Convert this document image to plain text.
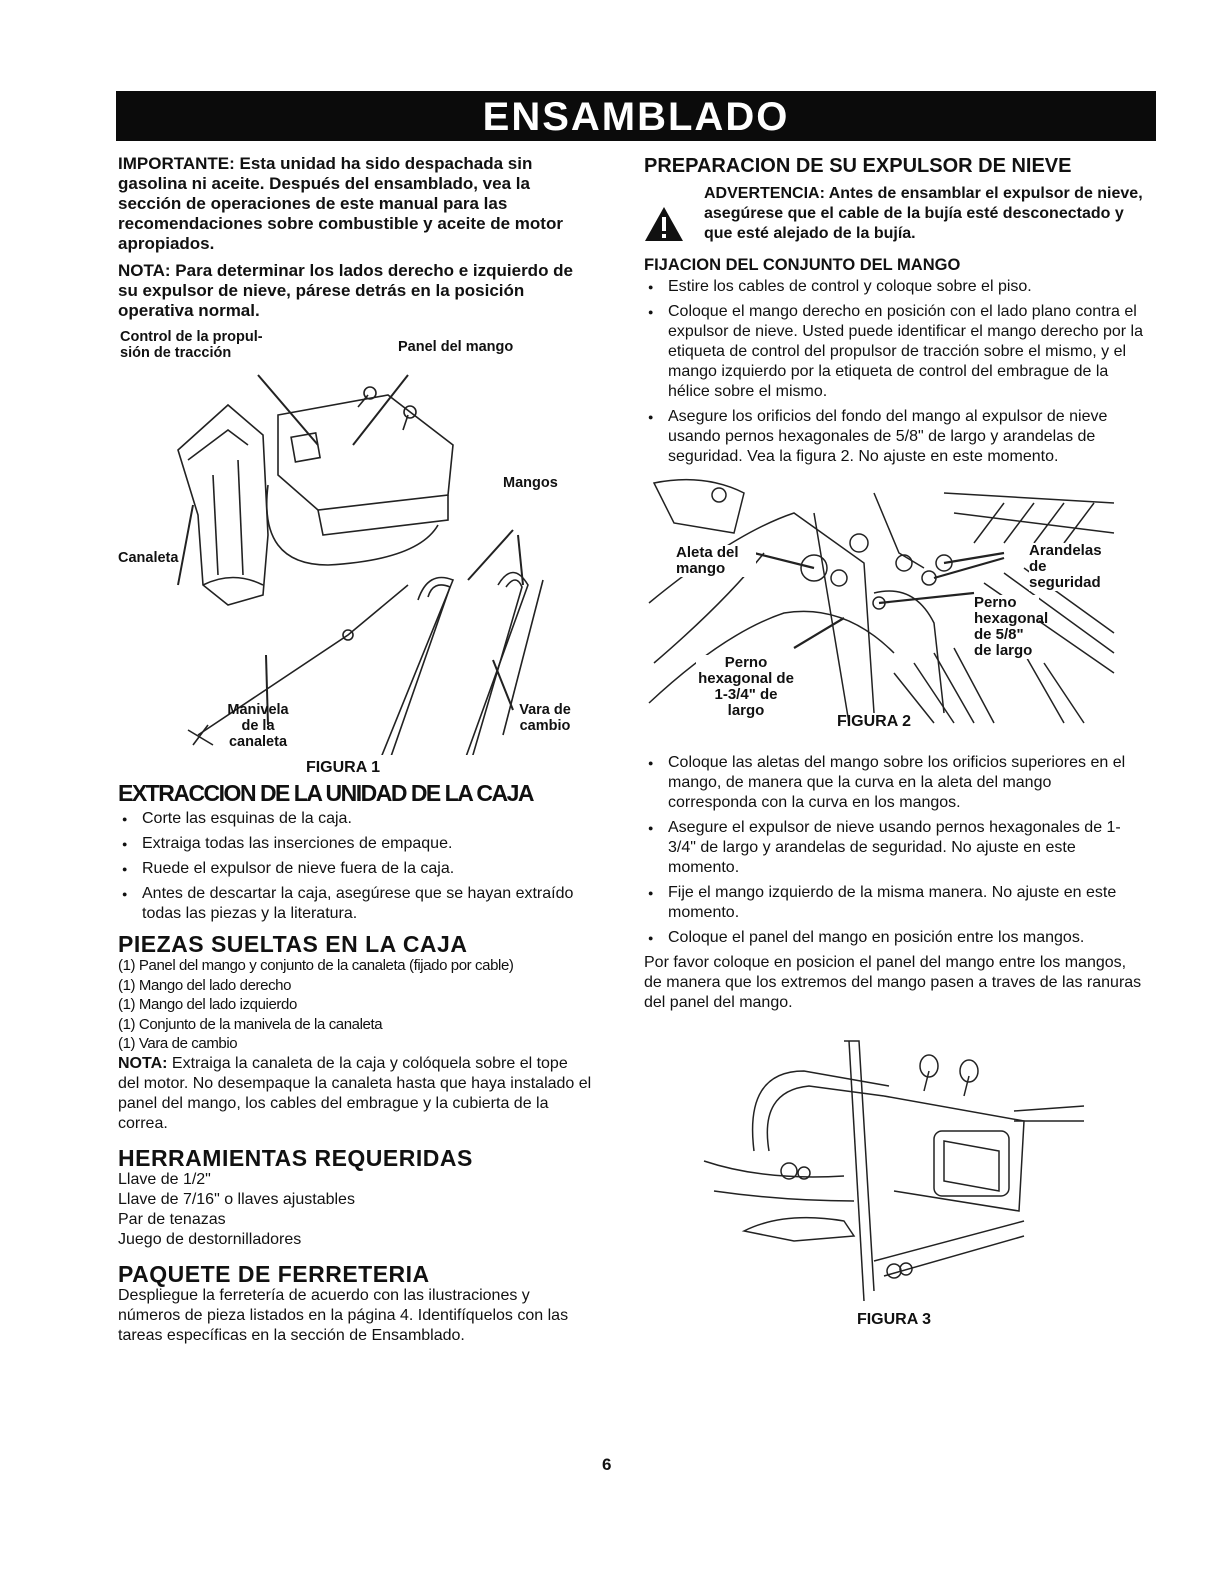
ENSAMBLADO

IMPORTANTE: Esta unidad ha sido despachada sin gasolina ni aceite. Después del ensamblado, vea la sección de operaciones de este manual para las recomendaciones sobre combustible y aceite de motor apropiados.

NOTA: Para determinar los lados derecho e izquierdo de su expulsor de nieve, párese detrás en la posición operativa normal.

Control de la propul- sión de tracción	Panel del mango
Mangos
Canaleta
Manivela de la canaleta
Vara de cambio
FIGURA 1
EXTRACCION DE LA UNIDAD DE LA CAJA
● Corte las esquinas de la caja.
● Extraiga todas las inserciones de empaque.
● Ruede el expulsor de nieve fuera de la caja.
● Antes de descartar la caja, asegúrese que se hayan extraído todas las piezas y la literatura.
PIEZAS SUELTAS EN LA CAJA
(1) Panel del mango y conjunto de la canaleta (fijado por cable)
(1) Mango del lado derecho
(1) Mango del lado izquierdo
(1) Conjunto de la manivela de la canaleta
(1) Vara de cambio

NOTA: Extraiga la canaleta de la caja y colóquela sobre el tope del motor. No desempaque la canaleta hasta que haya instalado el panel del mango, los cables del embrague y la cubierta de la correa.

HERRAMIENTAS REQUERIDAS
Llave de 1/2"
Llave de 7/16" o llaves ajustables
Par de tenazas
Juego de destornilladores
PAQUETE DE FERRETERIA

Despliegue la ferretería de acuerdo con las ilustraciones y números de pieza listados en la página 4. Identifíquelos con las tareas específicas en la sección de Ensamblado.

PREPARACION DE SU EXPULSOR DE NIEVE
ADVERTENCIA: Antes de ensamblar el expulsor de nieve, asegúrese que el cable de la bujía esté desconectado y que esté alejado de la bujía.
FIJACION DEL CONJUNTO DEL MANGO
● Estire los cables de control y coloque sobre el piso.
● Coloque el mango derecho en posición con el lado plano contra el expulsor de nieve. Usted puede identificar el mango derecho por la etiqueta de control del propulsor de tracción sobre el mismo, y el mango izquierdo por la etiqueta de control del embrague de la hélice sobre el mismo.
● Asegure los orificios del fondo del mango al expulsor de nieve usando pernos hexagonales de 5/8" de largo y arandelas de seguridad. Vea la figura 2. No ajuste en este momento.
Aleta del mango
Arandelas de seguridad
Perno hexagonal de 5/8" de largo
Perno hexagonal de 1-3/4" de largo
FIGURA 2
● Coloque las aletas del mango sobre los orificios superiores en el mango, de manera que la curva en la aleta del mango corresponda con la curva en los mangos.
● Asegure el expulsor de nieve usando pernos hexagonales de 1-3/4" de largo y arandelas de seguridad. No ajuste en este momento.
● Fije el mango izquierdo de la misma manera. No ajuste en este momento.
● Coloque el panel del mango en posición entre los mangos.

Por favor coloque en posicion el panel del mango entre los mangos, de manera que los extremos del mango pasen a traves de las ranuras del panel del mango.

FIGURA 3
6
